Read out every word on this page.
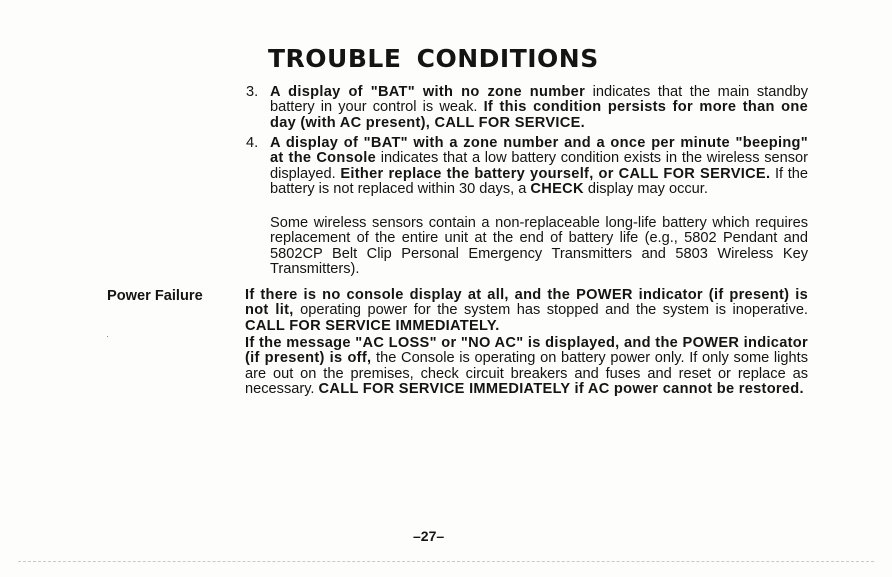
TROUBLE CONDITIONS
3. A display of "BAT" with no zone number indicates that the main standby battery in your control is weak. If this condition persists for more than one day (with AC present), CALL FOR SERVICE.

4. A display of "BAT" with a zone number and a once per minute "beeping" at the Console indicates that a low battery condition exists in the wireless sensor displayed. Either replace the battery yourself, or CALL FOR SERVICE. If the battery is not replaced within 30 days, a CHECK display may occur.

Some wireless sensors contain a non-replaceable long-life battery which requires replacement of the entire unit at the end of battery life (e.g., 5802 Pendant and 5802CP Belt Clip Personal Emergency Transmitters and 5803 Wireless Key Transmitters).

Power Failure
·

If there is no console display at all, and the POWER indicator (if present) is not lit, operating power for the system has stopped and the system is inoperative. CALL FOR SERVICE IMMEDIATELY.

If the message "AC LOSS" or "NO AC" is displayed, and the POWER indicator (if present) is off, the Console is operating on battery power only. If only some lights are out on the premises, check circuit breakers and fuses and reset or replace as necessary. CALL FOR SERVICE IMMEDIATELY if AC power cannot be restored.

–27–
